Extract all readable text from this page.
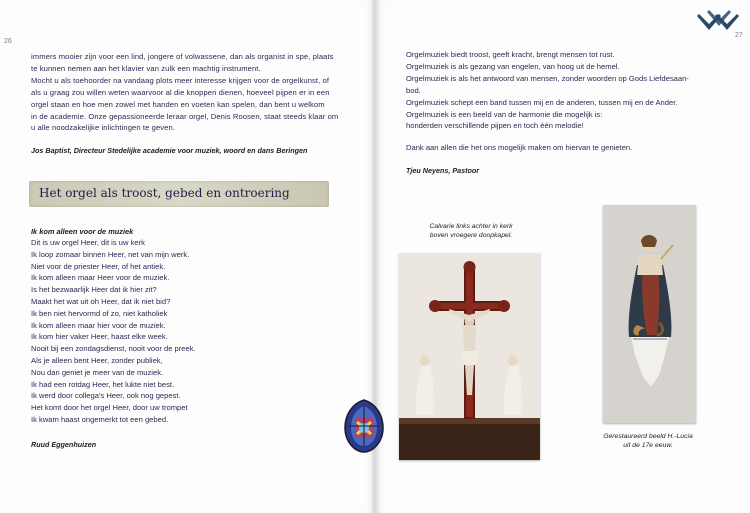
26
27
immers mooier zijn voor een lind, jongere of volwassene, dan als organist in spe, plaats
te kunnen nemen aan het klavier van zulk een machtig instrument.
Mocht u als toehoorder na vandaag plots meer interesse krijgen voor de orgelkunst, of
als u graag zou willen weten waarvoor al die knoppen dienen, hoeveel pijpen er in een
orgel staan en hoe men zowel met handen en voeten kan spelen, dan bent u welkom
in de academie. Onze gepassioneerde leraar orgel, Denis Roosen, staat steeds klaar om
u alle noodzakelijke inlichtingen te geven.
Jos Baptist, Directeur Stedelijke academie voor muziek, woord en dans Beringen
Het orgel als troost, gebed en ontroering
Ik kom alleen voor de muziek
Dit is uw orgel Heer, dit is uw kerk
Ik loop zomaar binnen Heer, net van mijn werk.
Niet voor de priester Heer, of het antiek.
Ik kom alleen maar Heer voor de muziek.
Is het bezwaarlijk Heer dat ik hier zit?
Maakt het wat uit oh Heer, dat ik niet bid?
Ik ben niet hervormd of zo, niet katholiek
Ik kom alleen maar hier voor de muziek.
Ik kom hier vaker Heer, haast elke week.
Nooit bij een zondagsdienst, nooit voor de preek.
Als je alleen bent Heer, zonder publiek,
Nou dan geniet je meer van de muziek.
Ik had een rotdag Heer, het lukte niet best.
Ik werd door collega's Heer, ook nog gepest.
Het komt door het orgel Heer, door uw trompet
Ik kwam haast ongemerkt tot een gebed.
Ruud Eggenhuizen
Orgelmuziek biedt troost, geeft kracht, brengt mensen tot rust.
Orgelmuziek is als gezang van engelen, van hoog uit de hemel.
Orgelmuziek is als het antwoord van mensen, zonder woorden op Gods Liefdesaan-
bod.
Orgelmuziek schept een band tussen mij en de anderen, tussen mij en de Ander.
Orgelmuziek is een beeld van de harmonie die mogelijk is:
honderden verschillende pijpen en toch één melodie!
Dank aan allen die het ons mogelijk maken om hiervan te genieten.
Tjeu Neyens, Pastoor
Calvarie links achter in kerk
boven vroegere doopkapel.
Gerestaureerd beeld H.-Lucia
uit de 17e eeuw.
